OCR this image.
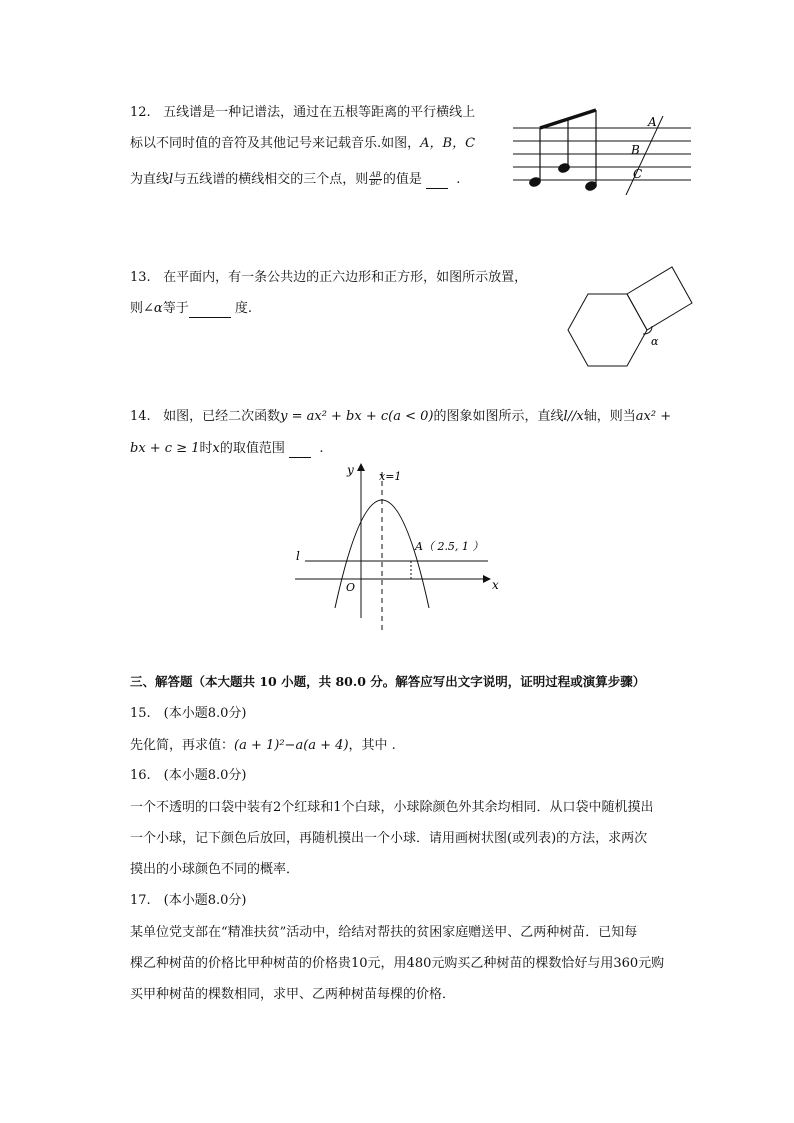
12. 五线谱是一种记谱法，通过在五根等距离的平行横线上
标以不同时值的音符及其他记号来记载音乐.如图，A，B，C
为直线l与五线谱的横线相交的三个点，则 $\frac{AB}{BC}$ 的值是	.
A
B
C
13. 在平面内，有一条公共边的正六边形和正方形，如图所示放置，
则∠α等于	度.
α
14. 如图，已经二次函数y = ax² + bx + c(a < 0)的图象如图所示，直线l//x轴，则当ax² +
bx + c ≥ 1时x的取值范围	.
y
x
O
x=1
l
A（ 2.5, 1 ）
三、解答题（本大题共 10 小题，共 80.0 分。解答应写出文字说明，证明过程或演算步骤）
15.　(本小题8.0分)
先化简，再求值：(a + 1)²−a(a + 4)，其中 .
16.　(本小题8.0分)
一个不透明的口袋中装有2个红球和1个白球，小球除颜色外其余均相同．从口袋中随机摸出
一个小球，记下颜色后放回，再随机摸出一个小球．请用画树状图(或列表)的方法，求两次
摸出的小球颜色不同的概率．
17.　(本小题8.0分)
某单位党支部在“精准扶贫”活动中，给结对帮扶的贫困家庭赠送甲、乙两种树苗．已知每
棵乙种树苗的价格比甲种树苗的价格贵10元，用480元购买乙种树苗的棵数恰好与用360元购
买甲种树苗的棵数相同，求甲、乙两种树苗每棵的价格．
